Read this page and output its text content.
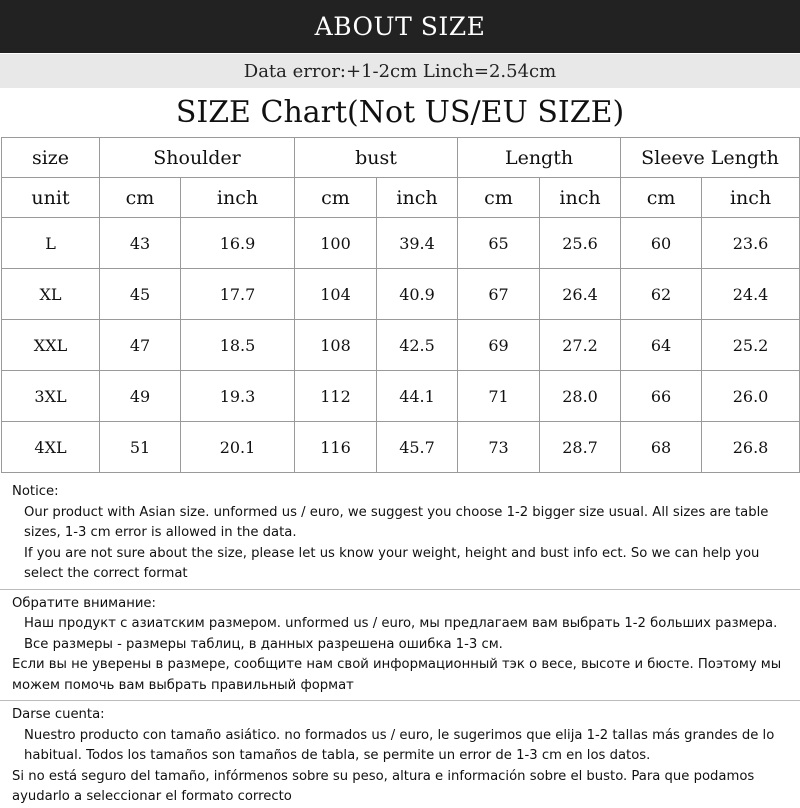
ABOUT SIZE
Data error:+1-2cm Linch=2.54cm
SIZE Chart(Not US/EU SIZE)
size	Shoulder		bust		Length		Sleeve Length	
unit	cm	inch	cm	inch	cm	inch	cm	inch
L	43	16.9	100	39.4	65	25.6	60	23.6
XL	45	17.7	104	40.9	67	26.4	62	24.4
XXL	47	18.5	108	42.5	69	27.2	64	25.2
3XL	49	19.3	112	44.1	71	28.0	66	26.0
4XL	51	20.1	116	45.7	73	28.7	68	26.8

Notice:

Our product with Asian size. unformed us / euro, we suggest you choose 1-2 bigger size usual. All sizes are table sizes, 1-3 cm error is allowed in the data.

If you are not sure about the size, please let us know your weight, height and bust info ect. So we can help you select the correct format

Обратите внимание:

Наш продукт с азиатским размером. unformed us / euro, мы предлагаем вам выбрать 1-2 больших размера. Все размеры - размеры таблиц, в данных разрешена ошибка 1-3 см.

Если вы не уверены в размере, сообщите нам свой информационный тэк о весе, высоте и бюсте. Поэтому мы можем помочь вам выбрать правильный формат

Darse cuenta:

Nuestro producto con tamaño asiático. no formados us / euro, le sugerimos que elija 1-2 tallas más grandes de lo habitual. Todos los tamaños son tamaños de tabla, se permite un error de 1-3 cm en los datos.

Si no está seguro del tamaño, infórmenos sobre su peso, altura e información sobre el busto. Para que podamos ayudarlo a seleccionar el formato correcto
